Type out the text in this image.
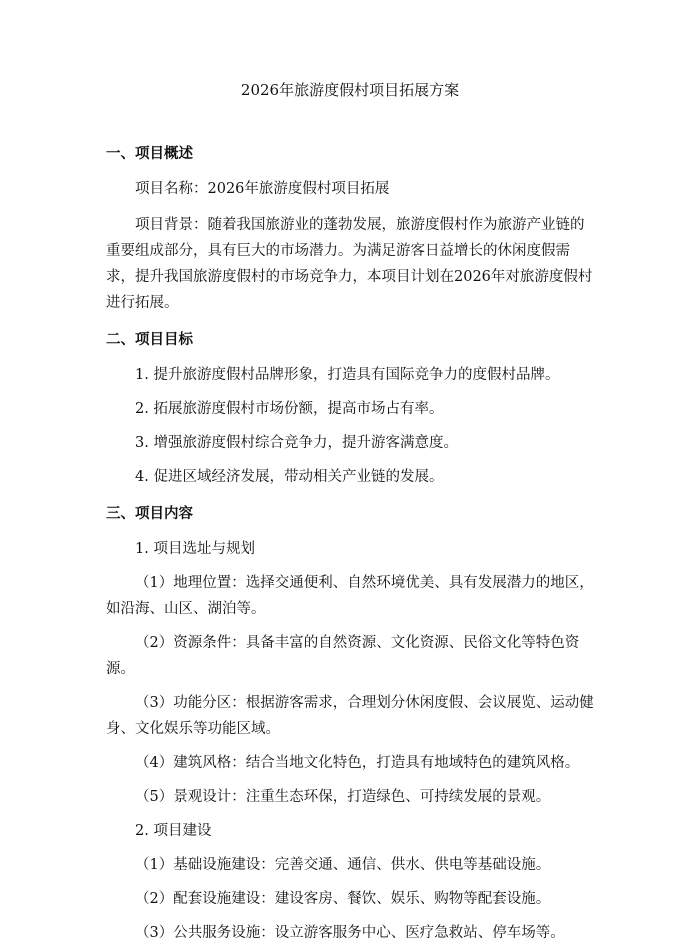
2026年旅游度假村项目拓展方案
一、项目概述

项目名称：2026年旅游度假村项目拓展

项目背景：随着我国旅游业的蓬勃发展，旅游度假村作为旅游产业链的重要组成部分，具有巨大的市场潜力。为满足游客日益增长的休闲度假需求，提升我国旅游度假村的市场竞争力，本项目计划在2026年对旅游度假村进行拓展。

二、项目目标

1. 提升旅游度假村品牌形象，打造具有国际竞争力的度假村品牌。

2. 拓展旅游度假村市场份额，提高市场占有率。

3. 增强旅游度假村综合竞争力，提升游客满意度。

4. 促进区域经济发展，带动相关产业链的发展。

三、项目内容

1. 项目选址与规划

（1）地理位置：选择交通便利、自然环境优美、具有发展潜力的地区，如沿海、山区、湖泊等。

（2）资源条件：具备丰富的自然资源、文化资源、民俗文化等特色资源。

（3）功能分区：根据游客需求，合理划分休闲度假、会议展览、运动健身、文化娱乐等功能区域。

（4）建筑风格：结合当地文化特色，打造具有地域特色的建筑风格。

（5）景观设计：注重生态环保，打造绿色、可持续发展的景观。

2. 项目建设

（1）基础设施建设：完善交通、通信、供水、供电等基础设施。

（2）配套设施建设：建设客房、餐饮、娱乐、购物等配套设施。

（3）公共服务设施：设立游客服务中心、医疗急救站、停车场等。
